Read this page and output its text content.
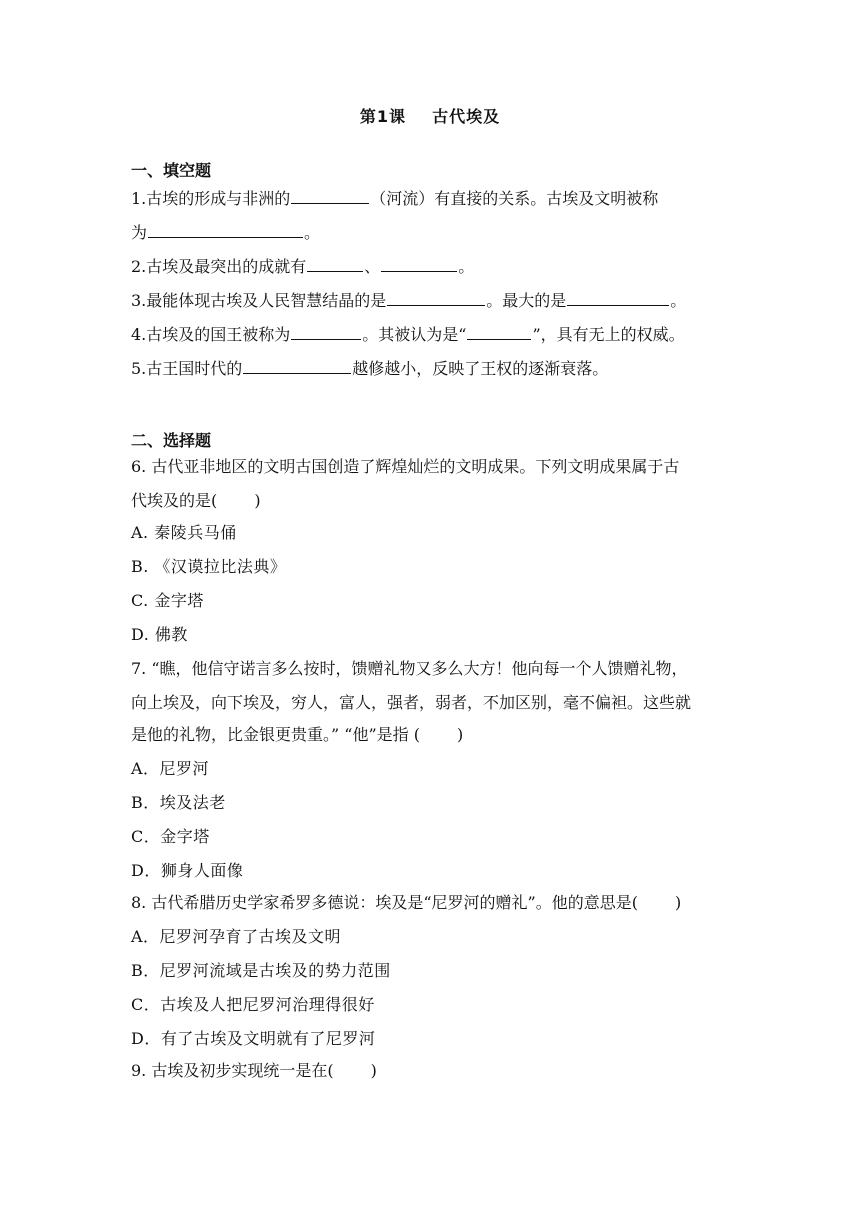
第1课 古代埃及
一、填空题
1.古埃的形成与非洲的	（河流）有直接的关系。古埃及文明被称
为	。
2.古埃及最突出的成就有	、	。
3.最能体现古埃及人民智慧结晶的是	。最大的是	。
4.古埃及的国王被称为	。其被认为是“	”，具有无上的权威。
5.古王国时代的	越修越小，反映了王权的逐渐衰落。
二、选择题
6. 古代亚非地区的文明古国创造了辉煌灿烂的文明成果。下列文明成果属于古
代埃及的是(　　 )
A. 秦陵兵马俑
B. 《汉谟拉比法典》
C. 金字塔
D. 佛教
7. “瞧，他信守诺言多么按时，馈赠礼物又多么大方！他向每一个人馈赠礼物，
向上埃及，向下埃及，穷人，富人，强者，弱者，不加区别，毫不偏袒。这些就
是他的礼物，比金银更贵重。” “他”是指 (　　 )
A．尼罗河
B．埃及法老
C．金字塔
D．狮身人面像
8. 古代希腊历史学家希罗多德说：埃及是“尼罗河的赠礼”。他的意思是(　　 )
A．尼罗河孕育了古埃及文明
B．尼罗河流域是古埃及的势力范围
C．古埃及人把尼罗河治理得很好
D．有了古埃及文明就有了尼罗河
9. 古埃及初步实现统一是在(　　 )
